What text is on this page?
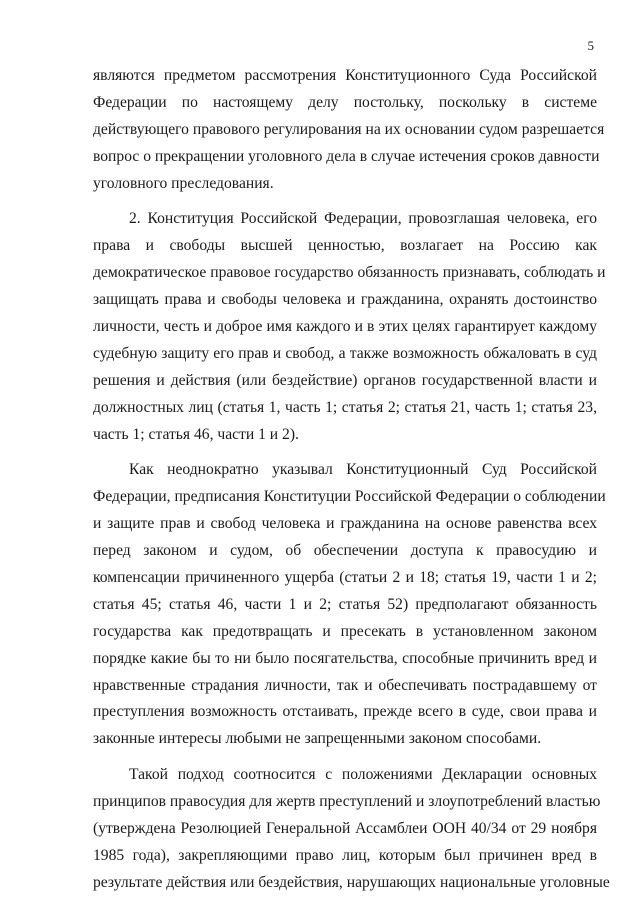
5
являются предметом рассмотрения Конституционного Суда Российской
Федерации по настоящему делу постольку, поскольку в системе
действующего правового регулирования на их основании судом разрешается
вопрос о прекращении уголовного дела в случае истечения сроков давности
уголовного преследования.
2. Конституция Российской Федерации, провозглашая человека, его
права и свободы высшей ценностью, возлагает на Россию как
демократическое правовое государство обязанность признавать, соблюдать и
защищать права и свободы человека и гражданина, охранять достоинство
личности, честь и доброе имя каждого и в этих целях гарантирует каждому
судебную защиту его прав и свобод, а также возможность обжаловать в суд
решения и действия (или бездействие) органов государственной власти и
должностных лиц (статья 1, часть 1; статья 2; статья 21, часть 1; статья 23,
часть 1; статья 46, части 1 и 2).
Как неоднократно указывал Конституционный Суд Российской
Федерации, предписания Конституции Российской Федерации о соблюдении
и защите прав и свобод человека и гражданина на основе равенства всех
перед законом и судом, об обеспечении доступа к правосудию и
компенсации причиненного ущерба (статьи 2 и 18; статья 19, части 1 и 2;
статья 45; статья 46, части 1 и 2; статья 52) предполагают обязанность
государства как предотвращать и пресекать в установленном законом
порядке какие бы то ни было посягательства, способные причинить вред и
нравственные страдания личности, так и обеспечивать пострадавшему от
преступления возможность отстаивать, прежде всего в суде, свои права и
законные интересы любыми не запрещенными законом способами.
Такой подход соотносится с положениями Декларации основных
принципов правосудия для жертв преступлений и злоупотреблений властью
(утверждена Резолюцией Генеральной Ассамблеи ООН 40/34 от 29 ноября
1985 года), закрепляющими право лиц, которым был причинен вред в
результате действия или бездействия, нарушающих национальные уголовные
